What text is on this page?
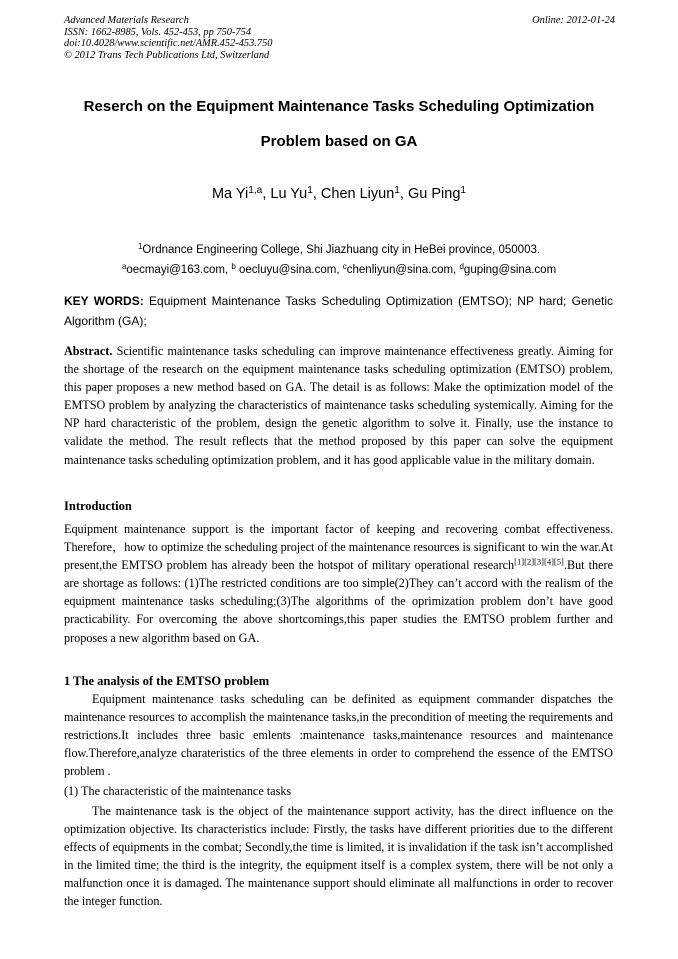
Advanced Materials Research
ISSN: 1662-8985, Vols. 452-453, pp 750-754
doi:10.4028/www.scientific.net/AMR.452-453.750
© 2012 Trans Tech Publications Ltd, Switzerland
Online: 2012-01-24
Reserch on the Equipment Maintenance Tasks Scheduling Optimization
Problem based on GA
Ma Yi$^{1,a}$, Lu Yu$^1$, Chen Liyun$^1$, Gu Ping$^1$
$^1$Ordnance Engineering College, Shi Jiazhuang city in HeBei province, 050003.
$^a$oecmayi@163.com, $^b$ oecluyu@sina.com, $^c$chenliyun@sina.com, $^d$guping@sina.com
KEY WORDS: Equipment Maintenance Tasks Scheduling Optimization (EMTSO); NP hard; Genetic Algorithm (GA);

Abstract. Scientific maintenance tasks scheduling can improve maintenance effectiveness greatly. Aiming for the shortage of the research on the equipment maintenance tasks scheduling optimization (EMTSO) problem, this paper proposes a new method based on GA. The detail is as follows: Make the optimization model of the EMTSO problem by analyzing the characteristics of maintenance tasks scheduling systemically. Aiming for the NP hard characteristic of the problem, design the genetic algorithm to solve it. Finally, use the instance to validate the method. The result reflects that the method proposed by this paper can solve the equipment maintenance tasks scheduling optimization problem, and it has good applicable value in the military domain.

Introduction

Equipment maintenance support is the important factor of keeping and recovering combat effectiveness. Therefore，how to optimize the scheduling project of the maintenance resources is significant to win the war.At present,the EMTSO problem has already been the hotspot of military operational research[1][2][3][4][5].But there are shortage as follows: (1)The restricted conditions are too simple(2)They can’t accord with the realism of the equipment maintenance tasks scheduling;(3)The algorithms of the oprimization problem don’t have good practicability. For overcoming the above shortcomings,this paper studies the EMTSO problem further and proposes a new algorithm based on GA.

1 The analysis of the EMTSO problem

Equipment maintenance tasks scheduling can be definited as equipment commander dispatches the maintenance resources to accomplish the maintenance tasks,in the precondition of meeting the requirements and restrictions.It includes three basic emlents :maintenance tasks,maintenance resources and maintenance flow.Therefore,analyze charateristics of the three elements in order to comprehend the essence of the EMTSO problem .

(1) The characteristic of the maintenance tasks

The maintenance task is the object of the maintenance support activity, has the direct influence on the optimization objective. Its characteristics include: Firstly, the tasks have different priorities due to the different effects of equipments in the combat; Secondly,the time is limited, it is invalidation if the task isn’t accomplished in the limited time; the third is the integrity, the equipment itself is a complex system, there will be not only a malfunction once it is damaged. The maintenance support should eliminate all malfunctions in order to recover the integer function.
